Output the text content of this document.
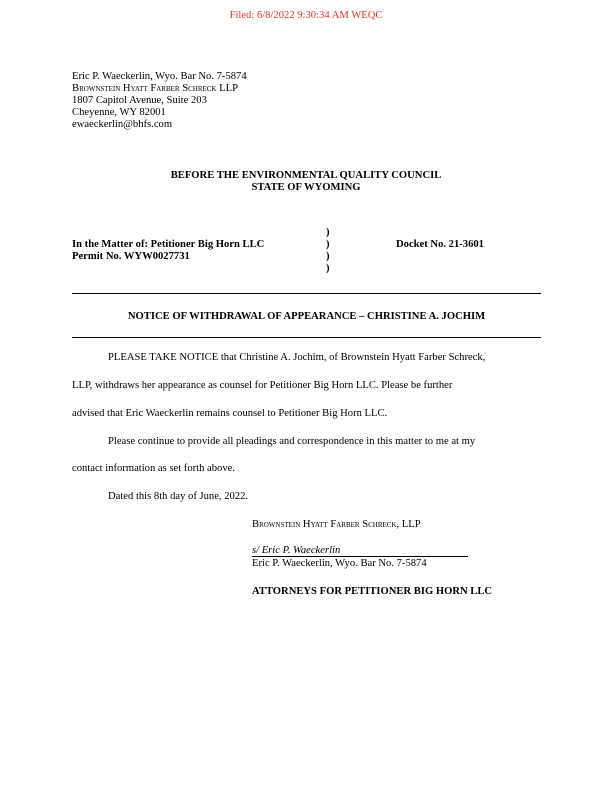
Filed: 6/8/2022 9:30:34 AM WEQC
Eric P. Waeckerlin, Wyo. Bar No. 7-5874
Brownstein Hyatt Farber Schreck LLP
1807 Capitol Avenue, Suite 203
Cheyenne, WY 82001
ewaeckerlin@bhfs.com
BEFORE THE ENVIRONMENTAL QUALITY COUNCIL
STATE OF WYOMING
In the Matter of: Petitioner Big Horn LLC
Permit No. WYW0027731
)
)
)
)
Docket No. 21-3601
NOTICE OF WITHDRAWAL OF APPEARANCE – CHRISTINE A. JOCHIM
PLEASE TAKE NOTICE that Christine A. Jochim, of Brownstein Hyatt Farber Schreck,
LLP, withdraws her appearance as counsel for Petitioner Big Horn LLC. Please be further
advised that Eric Waeckerlin remains counsel to Petitioner Big Horn LLC.
Please continue to provide all pleadings and correspondence in this matter to me at my
contact information as set forth above.
Dated this 8th day of June, 2022.
Brownstein Hyatt Farber Schreck, LLP
s/ Eric P. Waeckerlin
Eric P. Waeckerlin, Wyo. Bar No. 7-5874
ATTORNEYS FOR PETITIONER BIG HORN LLC
